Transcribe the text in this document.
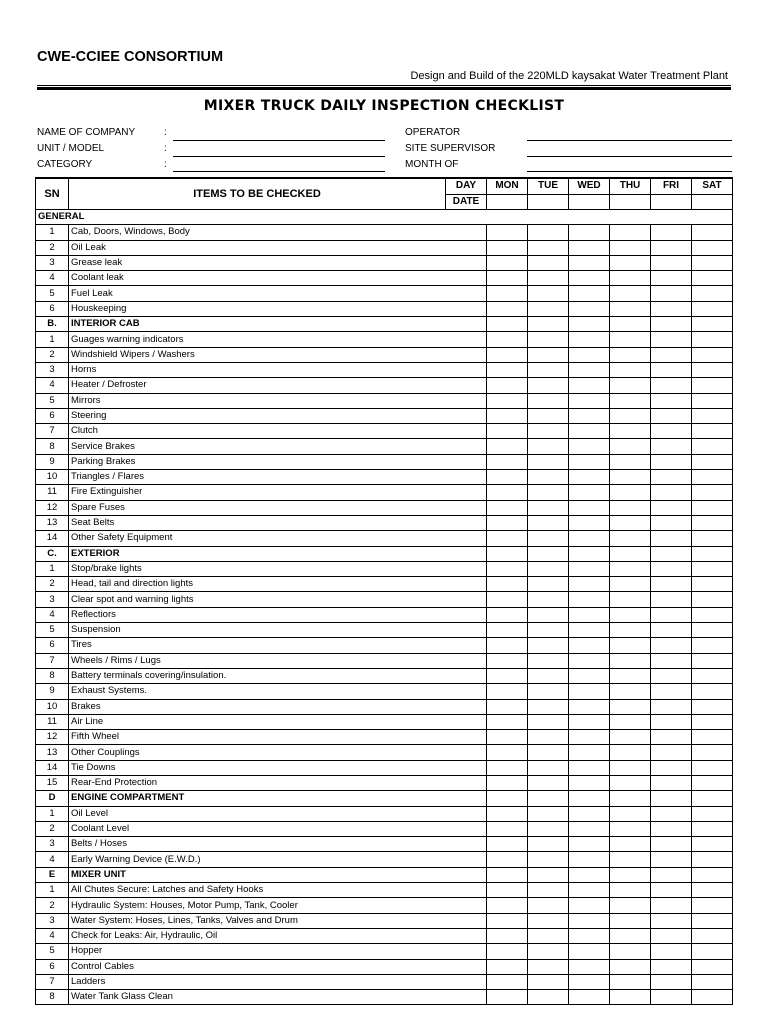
CWE-CCIEE CONSORTIUM
Design and Build of the 220MLD kaysakat Water Treatment Plant
MIXER TRUCK DAILY INSPECTION CHECKLIST
NAME OF COMPANY	:
UNIT / MODEL	:
CATEGORY	:
OPERATOR
SITE SUPERVISOR
MONTH OF
SN	ITEMS TO BE CHECKED	DAY	MON	TUE	WED	THU	FRI	SAT	
		DATE							
GENERAL									
1	Cab, Doors, Windows, Body								
2	Oil Leak								
3	Grease leak								
4	Coolant leak								
5	Fuel Leak								
6	Houskeeping								
B.	INTERIOR CAB								
1	Guages warning indicators								
2	Windshield Wipers / Washers								
3	Horns								
4	Heater / Defroster								
5	Mirrors								
6	Steering								
7	Clutch								
8	Service Brakes								
9	Parking Brakes								
10	Triangles / Flares								
11	Fire Extinguisher								
12	Spare Fuses								
13	Seat Belts								
14	Other Safety Equipment								
C.	EXTERIOR								
1	Stop/brake lights								
2	Head, tail and direction lights								
3	Clear spot and warning lights								
4	Reflectiors								
5	Suspension								
6	Tires								
7	Wheels / Rims / Lugs								
8	Battery terminals covering/insulation.								
9	Exhaust Systems.								
10	Brakes								
11	Air Line								
12	Fifth Wheel								
13	Other Couplings								
14	Tie Downs								
15	Rear-End Protection								
D	ENGINE COMPARTMENT								
1	Oil Level								
2	Coolant Level								
3	Belts / Hoses								
4	Early Warning Device (E.W.D.)								
E	MIXER UNIT								
1	All Chutes Secure: Latches and Safety Hooks								
2	Hydraulic System: Houses, Motor Pump, Tank, Cooler								
3	Water System: Hoses, Lines, Tanks, Valves and Drum								
4	Check for Leaks: Air, Hydraulic, Oil								
5	Hopper								
6	Control Cables								
7	Ladders								
8	Water Tank Glass Clean								
